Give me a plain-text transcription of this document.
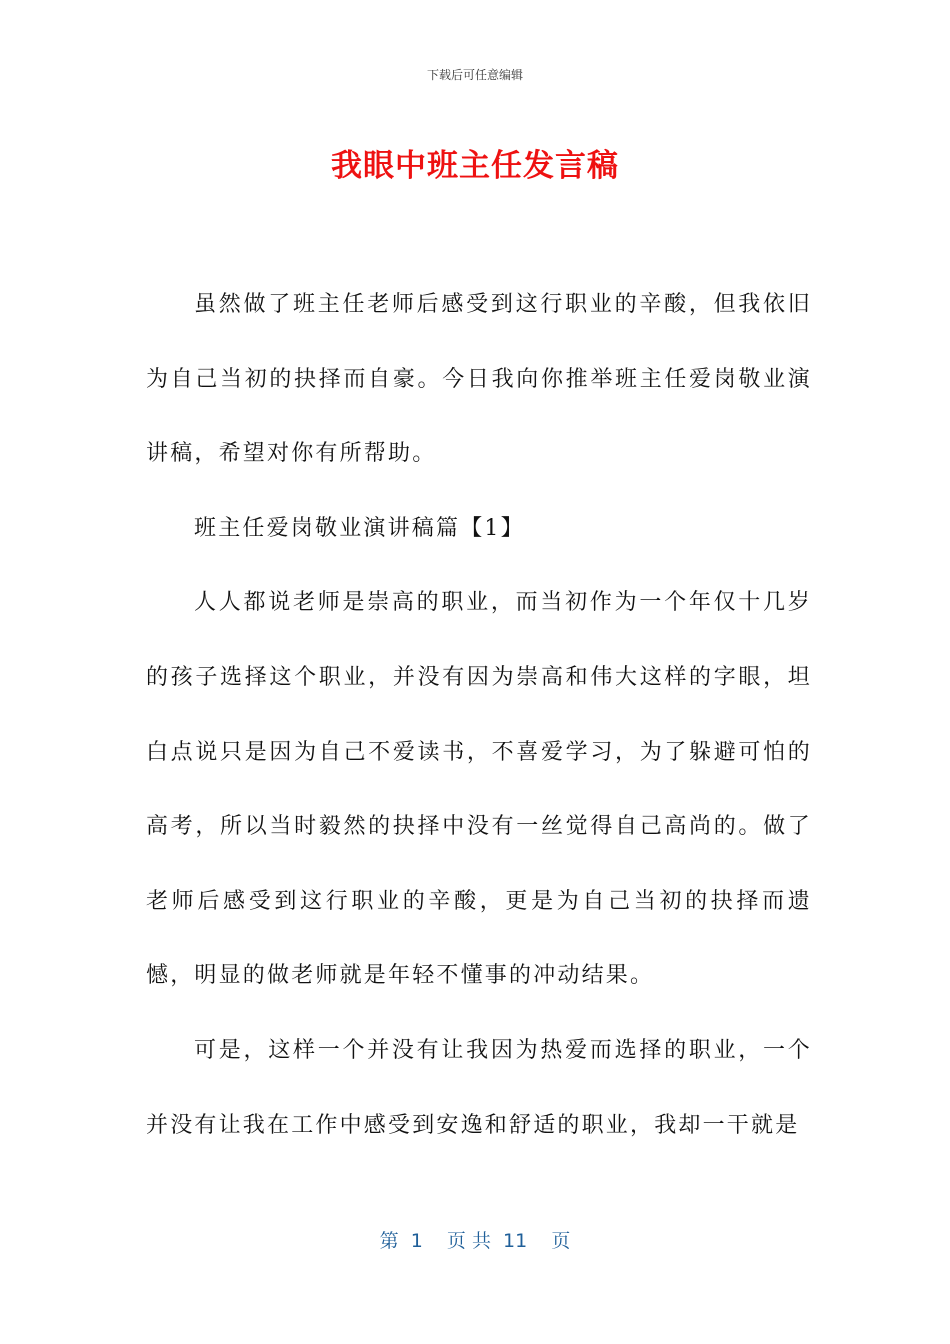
下载后可任意编辑
我眼中班主任发言稿

虽然做了班主任老师后感受到这行职业的辛酸，但我依旧为自己当初的抉择而自豪。今日我向你推举班主任爱岗敬业演讲稿，希望对你有所帮助。

班主任爱岗敬业演讲稿篇【1】

人人都说老师是崇高的职业，而当初作为一个年仅十几岁的孩子选择这个职业，并没有因为崇高和伟大这样的字眼，坦白点说只是因为自己不爱读书，不喜爱学习，为了躲避可怕的高考，所以当时毅然的抉择中没有一丝觉得自己高尚的。做了老师后感受到这行职业的辛酸，更是为自己当初的抉择而遗憾，明显的做老师就是年轻不懂事的冲动结果。

可是，这样一个并没有让我因为热爱而选择的职业，一个并没有让我在工作中感受到安逸和舒适的职业，我却一干就是

第  1    页 共  11    页
